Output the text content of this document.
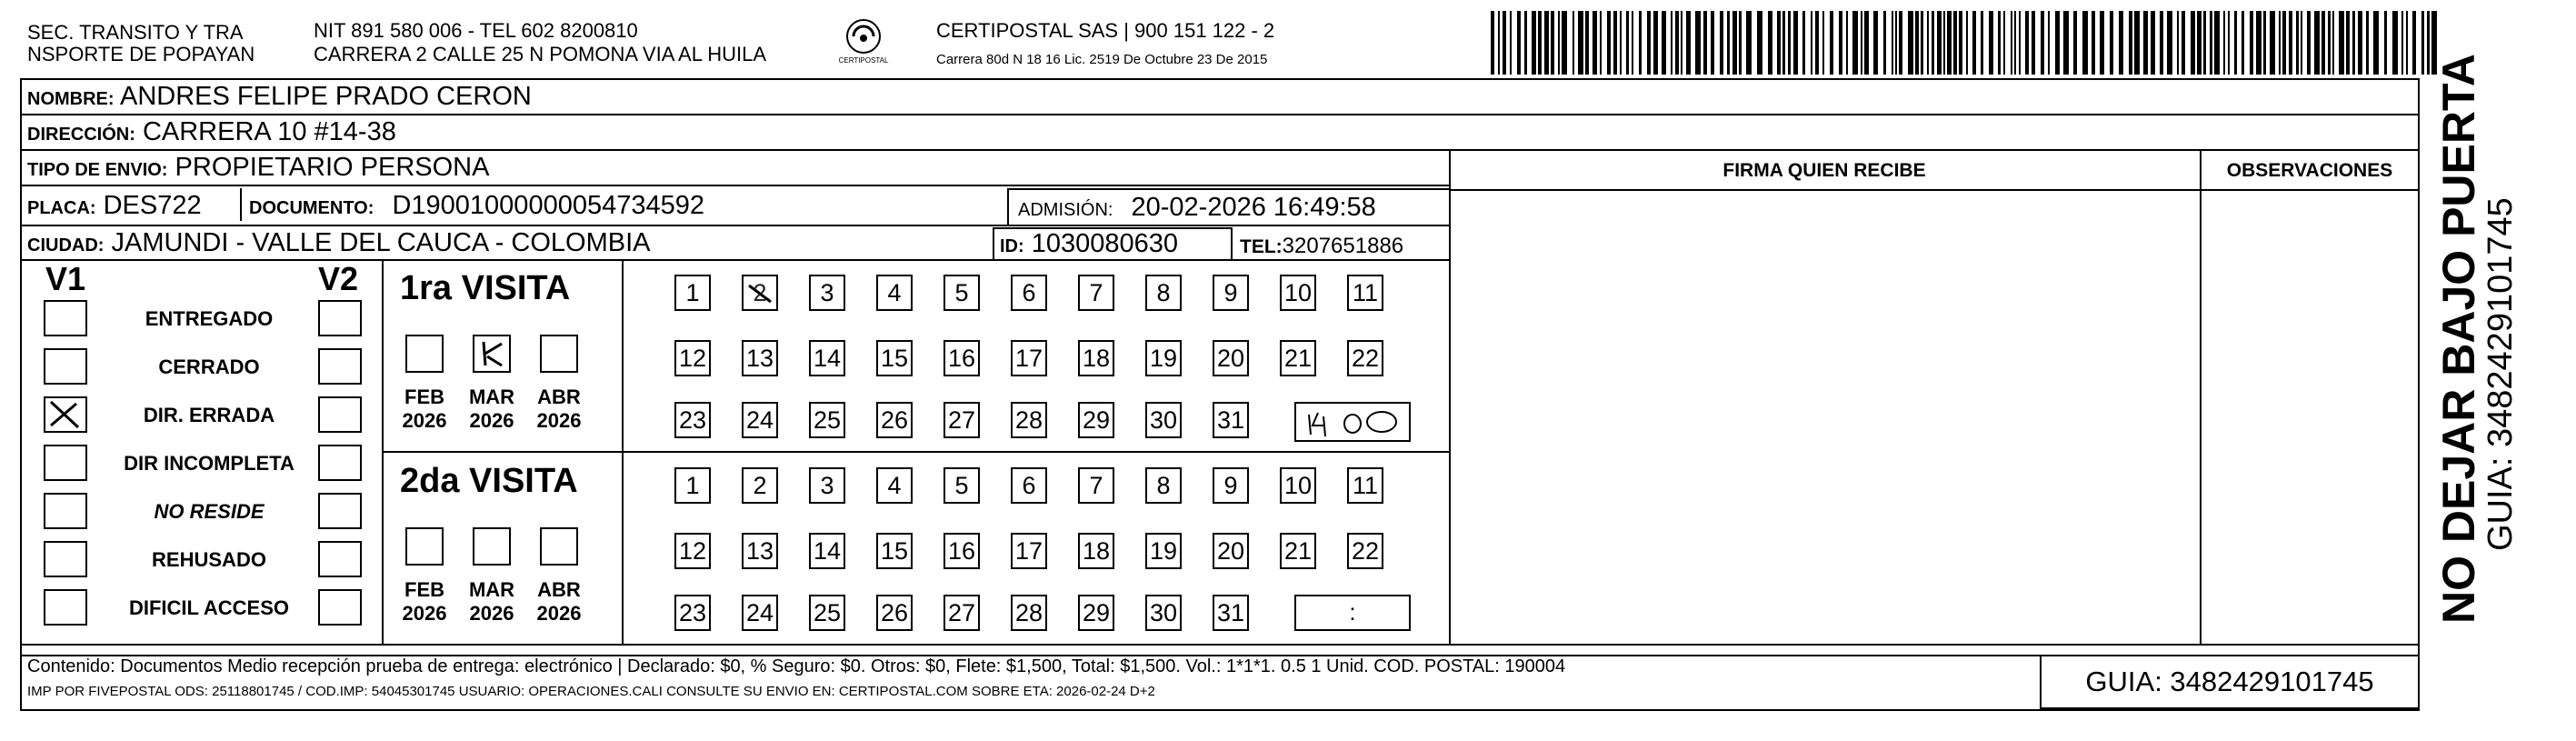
SEC. TRANSITO Y TRA
NSPORTE DE POPAYAN
NIT 891 580 006 - TEL 602 8200810
CARRERA 2 CALLE 25 N POMONA VIA AL HUILA	CERTIPOSTAL
CERTIPOSTAL SAS | 900 151 122 - 2
Carrera 80d N 18 16 Lic. 2519 De Octubre 23 De 2015
FIRMA QUIEN RECIBE	OBSERVACIONES
NOMBRE: ANDRES FELIPE PRADO CERON
DIRECCIÓN: CARRERA 10 #14-38
TIPO DE ENVIO: PROPIETARIO PERSONA
PLACA: DES722	DOCUMENTO: D19001000000054734592	ADMISIÓN: 20-02-2026 16:49:58
CIUDAD: JAMUNDI - VALLE DEL CAUCA - COLOMBIA	ID: 1030080630	TEL:3207651886
V1	V2
ENTREGADO
CERRADO
DIR. ERRADA
DIR INCOMPLETA
NO RESIDE
REHUSADO
DIFICIL ACCESO
1ra VISITA
2da VISITA
FEB
2026
MAR
2026
ABR
2026
1	2	3	4	5	6	7	8	9	10 11
12 13 14 15 16 17 18 19 20 21 22
23 24 25 26 27 28 29 30 31
FEB
2026
MAR
2026
ABR
2026
1	2	3	4	5	6	7	8	9	10 11
12 13 14 15 16 17 18 19 20 21 22
23 24 25 26 27 28 29 30 31	:
Contenido: Documentos Medio recepción prueba de entrega: electrónico | Declarado: $0, % Seguro: $0. Otros: $0, Flete: $1,500, Total: $1,500. Vol.: 1*1*1. 0.5 1 Unid. COD. POSTAL: 190004
IMP POR FIVEPOSTAL ODS: 25118801745 / COD.IMP: 54045301745 USUARIO: OPERACIONES.CALI CONSULTE SU ENVIO EN: CERTIPOSTAL.COM SOBRE ETA: 2026-02-24 D+2	GUIA: 3482429101745
NO DEJAR BAJO PUERTA
GUIA: 3482429101745
